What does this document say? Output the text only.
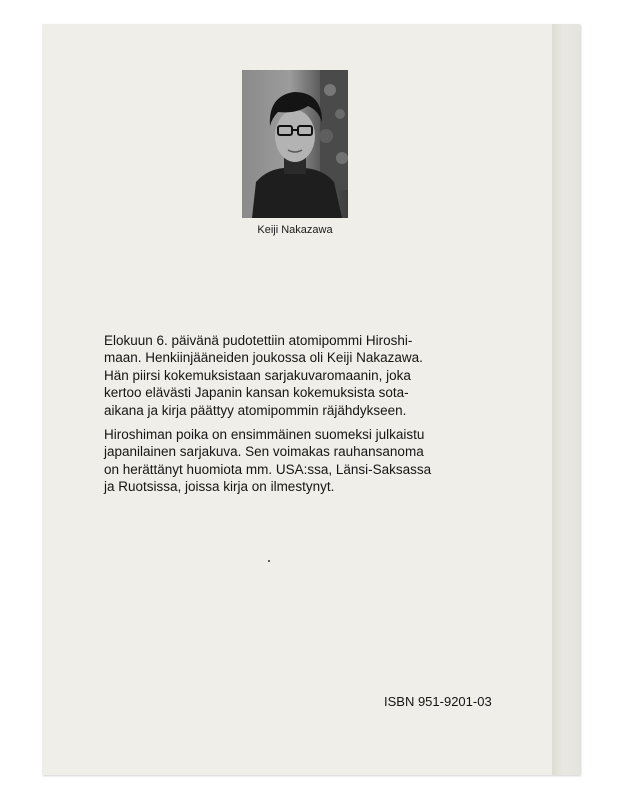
Keiji Nakazawa
Elokuun 6. päivänä pudotettiin atomipommi Hiroshi-
maan. Henkiinjääneiden joukossa oli Keiji Nakazawa.
Hän piirsi kokemuksistaan sarjakuvaromaanin, joka
kertoo elävästi Japanin kansan kokemuksista sota-
aikana ja kirja päättyy atomipommin räjähdykseen.
Hiroshiman poika on ensimmäinen suomeksi julkaistu
japanilainen sarjakuva. Sen voimakas rauhansanoma
on herättänyt huomiota mm. USA:ssa, Länsi-Saksassa
ja Ruotsissa, joissa kirja on ilmestynyt.
ISBN 951-9201-03
